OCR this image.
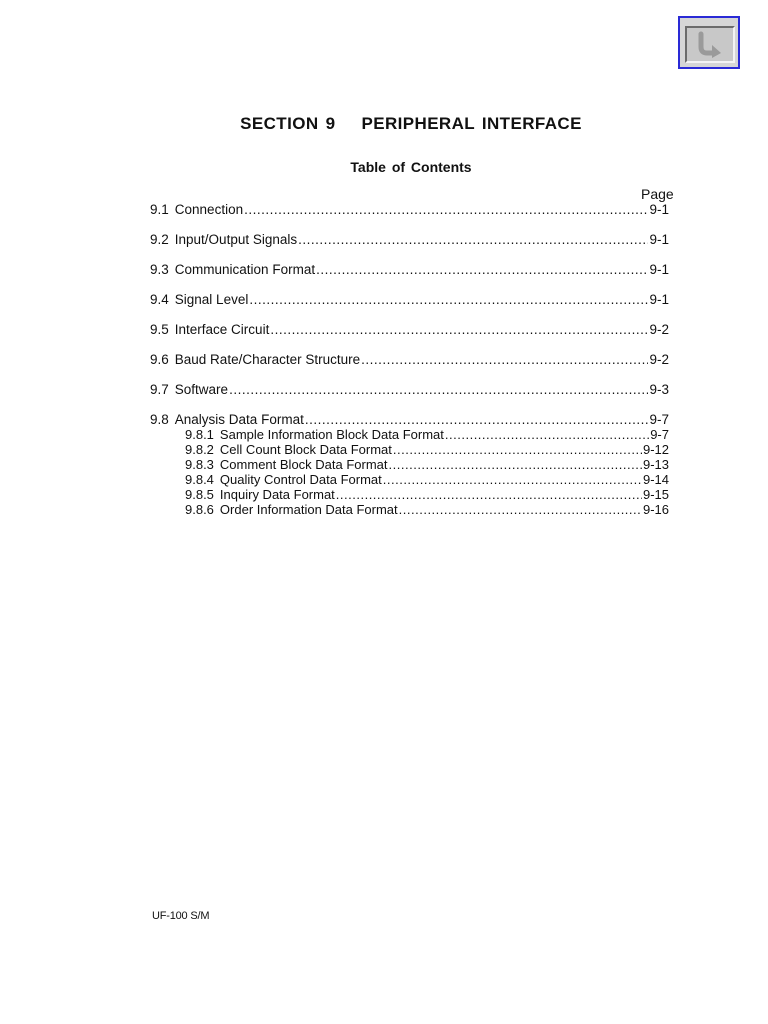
SECTION 9 PERIPHERAL INTERFACE
Table of Contents
Page
9.1 Connection .....	9-1
9.2 Input/Output Signals .....	9-1
9.3 Communication Format .....	9-1
9.4 Signal Level .....	9-1
9.5 Interface Circuit .....	9-2
9.6 Baud Rate/Character Structure .....	9-2
9.7 Software .....	9-3
9.8 Analysis Data Format .....	9-7
9.8.1 Sample Information Block Data Format .....	9-7
9.8.2 Cell Count Block Data Format .....	9-12
9.8.3 Comment Block Data Format .....	9-13
9.8.4 Quality Control Data Format .....	9-14
9.8.5 Inquiry Data Format .....	9-15
9.8.6 Order Information Data Format .....	9-16
UF-100 S/M
